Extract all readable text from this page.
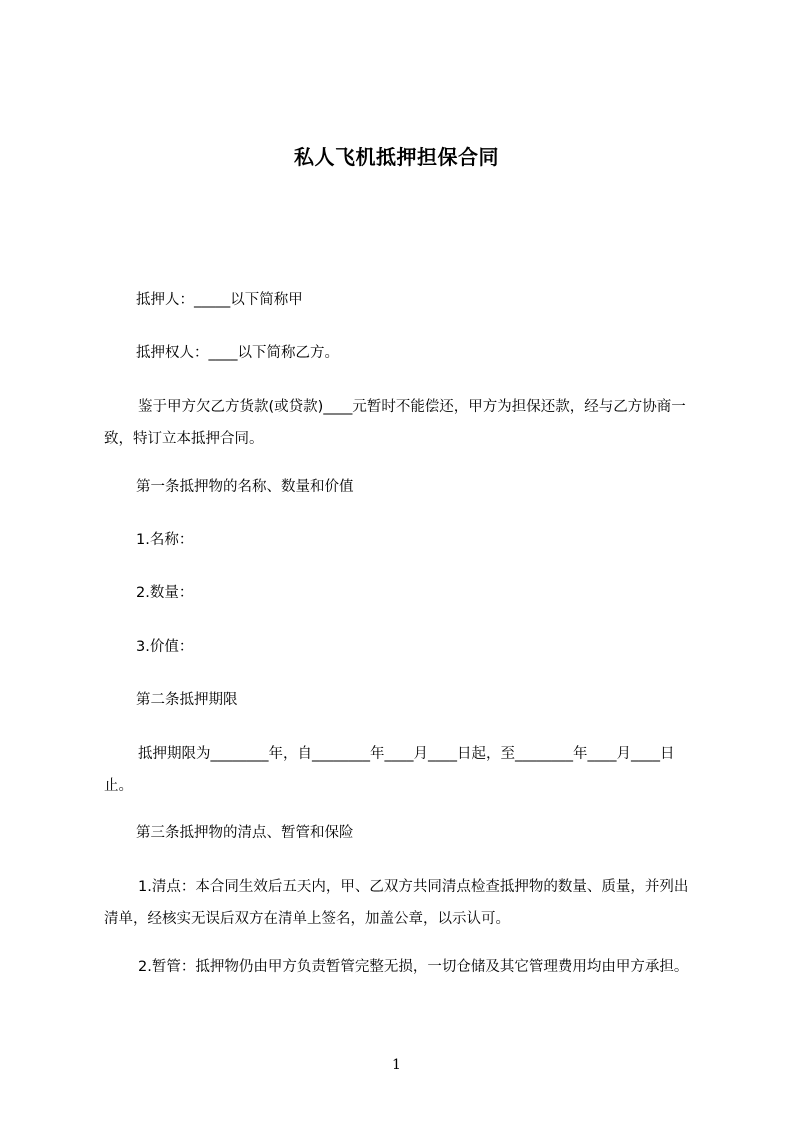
私人飞机抵押担保合同
抵押人：_____以下简称甲
抵押权人：____以下简称乙方。
鉴于甲方欠乙方货款(或贷款)____元暂时不能偿还，甲方为担保还款，经与乙方协商一致，特订立本抵押合同。
第一条抵押物的名称、数量和价值
1.名称：
2.数量：
3.价值：
第二条抵押期限
抵押期限为________年，自________年____月____日起，至________年____月____日止。
第三条抵押物的清点、暂管和保险
1.清点：本合同生效后五天内，甲、乙双方共同清点检查抵押物的数量、质量，并列出清单，经核实无误后双方在清单上签名，加盖公章，以示认可。
2.暂管：抵押物仍由甲方负责暂管完整无损，一切仓储及其它管理费用均由甲方承担。
1
